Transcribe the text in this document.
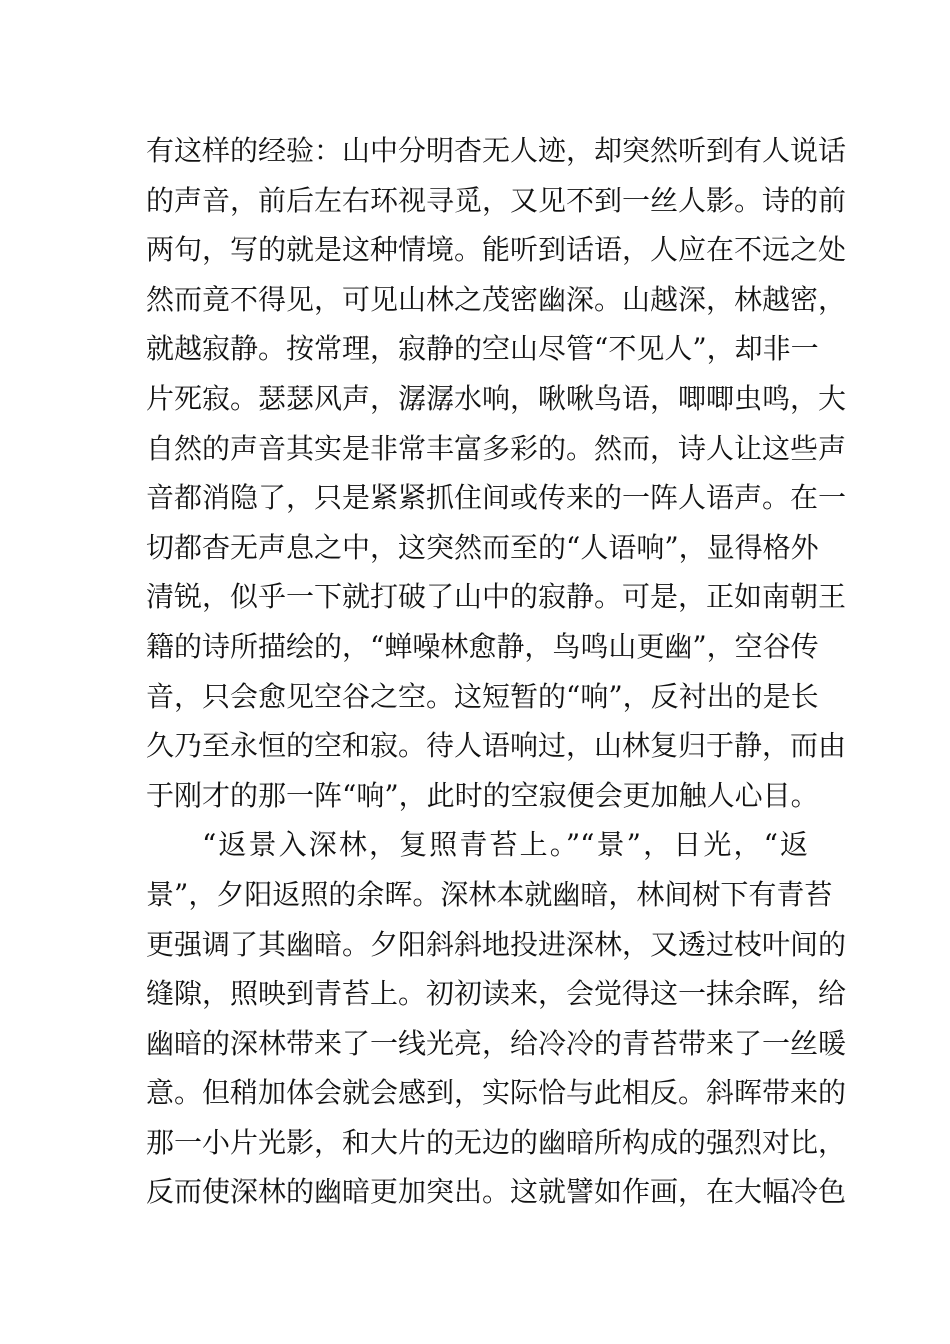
有这样的经验：山中分明杳无人迹，却突然听到有人说话
的声音，前后左右环视寻觅，又见不到一丝人影。诗的前
两句，写的就是这种情境。能听到话语，人应在不远之处
然而竟不得见，可见山林之茂密幽深。山越深，林越密，
就越寂静。按常理，寂静的空山尽管“不见人”，却非一
片死寂。瑟瑟风声，潺潺水响，啾啾鸟语，唧唧虫鸣，大
自然的声音其实是非常丰富多彩的。然而，诗人让这些声
音都消隐了，只是紧紧抓住间或传来的一阵人语声。在一
切都杳无声息之中，这突然而至的“人语响”，显得格外
清锐，似乎一下就打破了山中的寂静。可是，正如南朝王
籍的诗所描绘的，“蝉噪林愈静，鸟鸣山更幽”，空谷传
音，只会愈见空谷之空。这短暂的“响”，反衬出的是长
久乃至永恒的空和寂。待人语响过，山林复归于静，而由
于刚才的那一阵“响”，此时的空寂便会更加触人心目。
“返景入深林，复照青苔上。”“景”，日光，“返
景”，夕阳返照的余晖。深林本就幽暗，林间树下有青苔
更强调了其幽暗。夕阳斜斜地投进深林，又透过枝叶间的
缝隙，照映到青苔上。初初读来，会觉得这一抹余晖，给
幽暗的深林带来了一线光亮，给冷冷的青苔带来了一丝暖
意。但稍加体会就会感到，实际恰与此相反。斜晖带来的
那一小片光影，和大片的无边的幽暗所构成的强烈对比，
反而使深林的幽暗更加突出。这就譬如作画，在大幅冷色
